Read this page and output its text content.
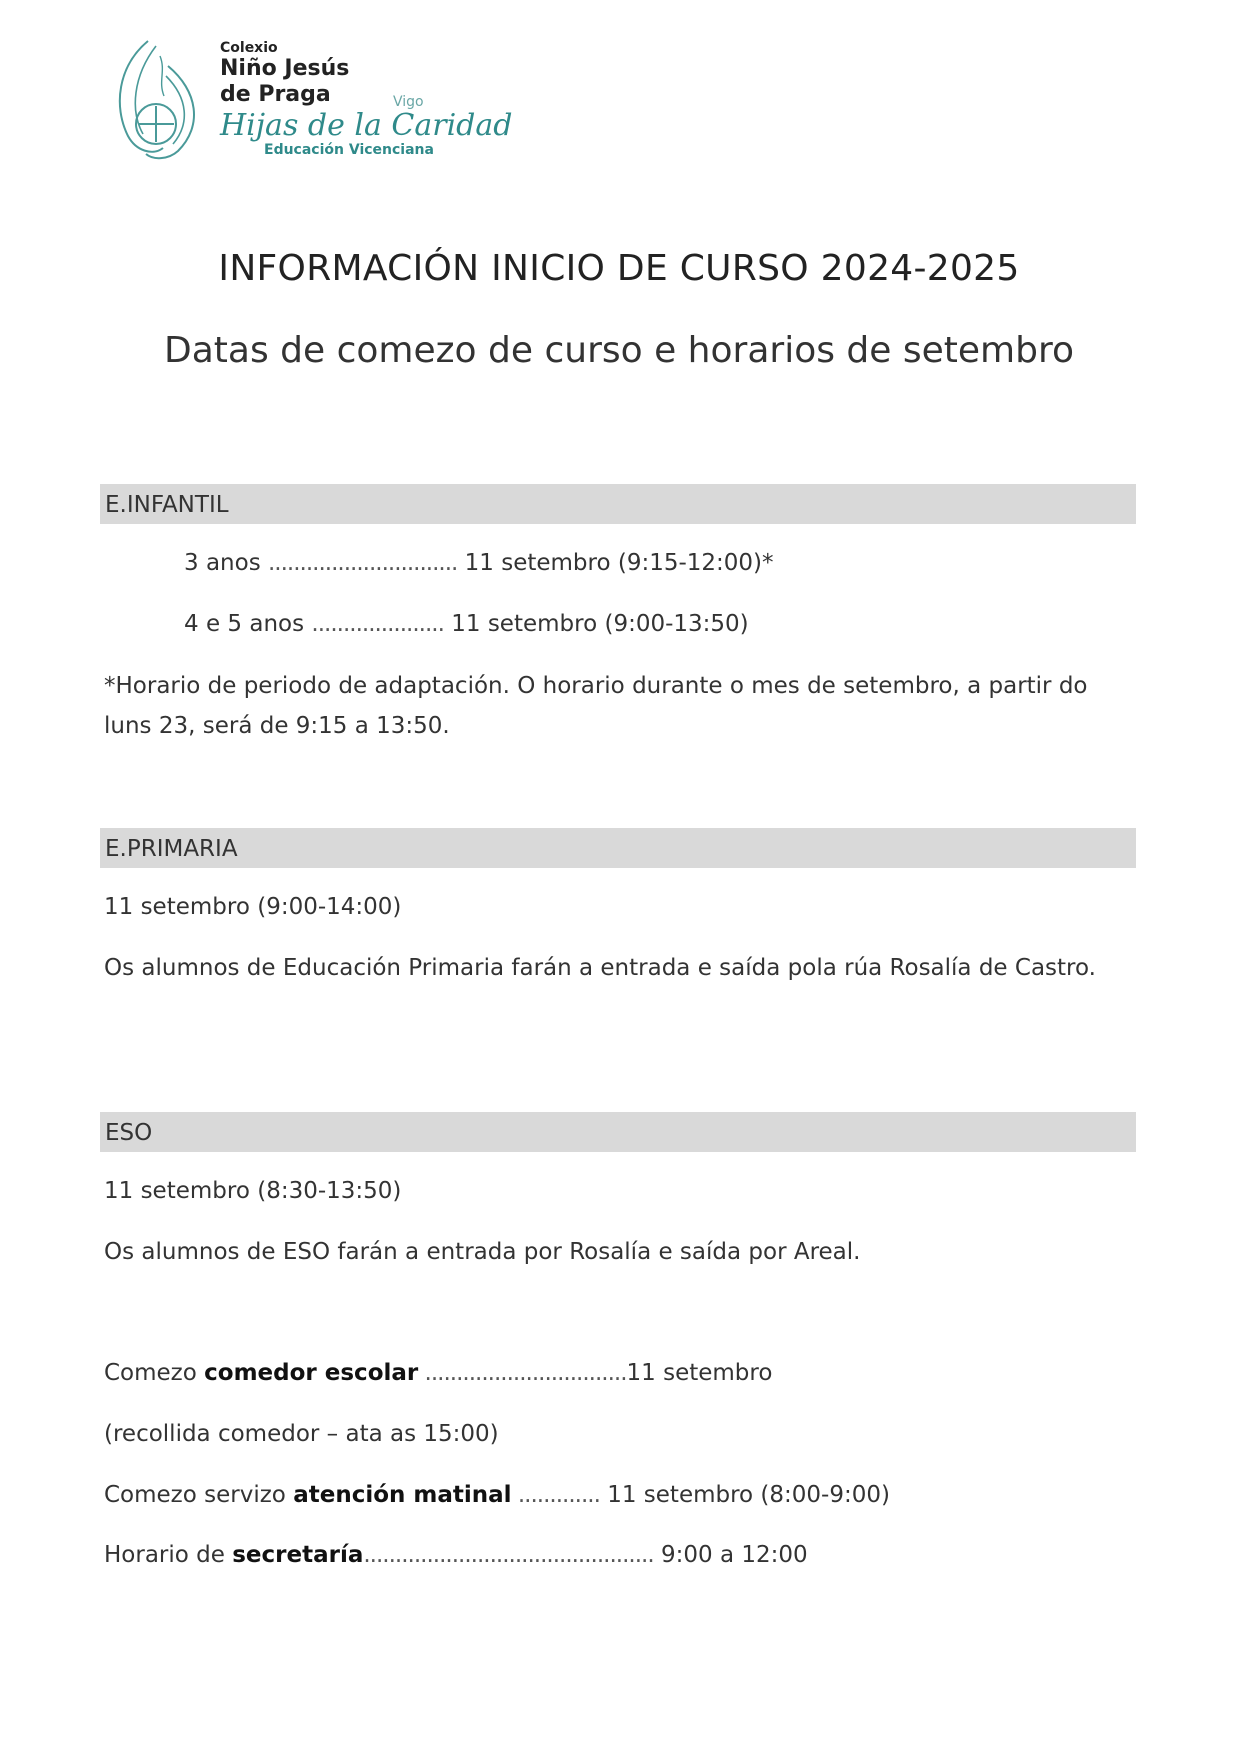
Colexio
Niño Jesús
de Praga	Vigo
Hijas de la Caridad
Educación Vicenciana
INFORMACIÓN INICIO DE CURSO 2024-2025
Datas de comezo de curso e horarios de setembro
E.INFANTIL
3 anos .............................. 11 setembro (9:15-12:00)*
4 e 5 anos ..................... 11 setembro (9:00-13:50)
*Horario de periodo de adaptación. O horario durante o mes de setembro, a partir do luns 23, será de 9:15 a 13:50.
E.PRIMARIA
11 setembro (9:00-14:00)
Os alumnos de Educación Primaria farán a entrada e saída pola rúa Rosalía de Castro.
ESO
11 setembro (8:30-13:50)
Os alumnos de ESO farán a entrada por Rosalía e saída por Areal.
Comezo comedor escolar ................................11 setembro
(recollida comedor – ata as 15:00)
Comezo servizo atención matinal ............. 11 setembro (8:00-9:00)
Horario de secretaría.............................................. 9:00 a 12:00
